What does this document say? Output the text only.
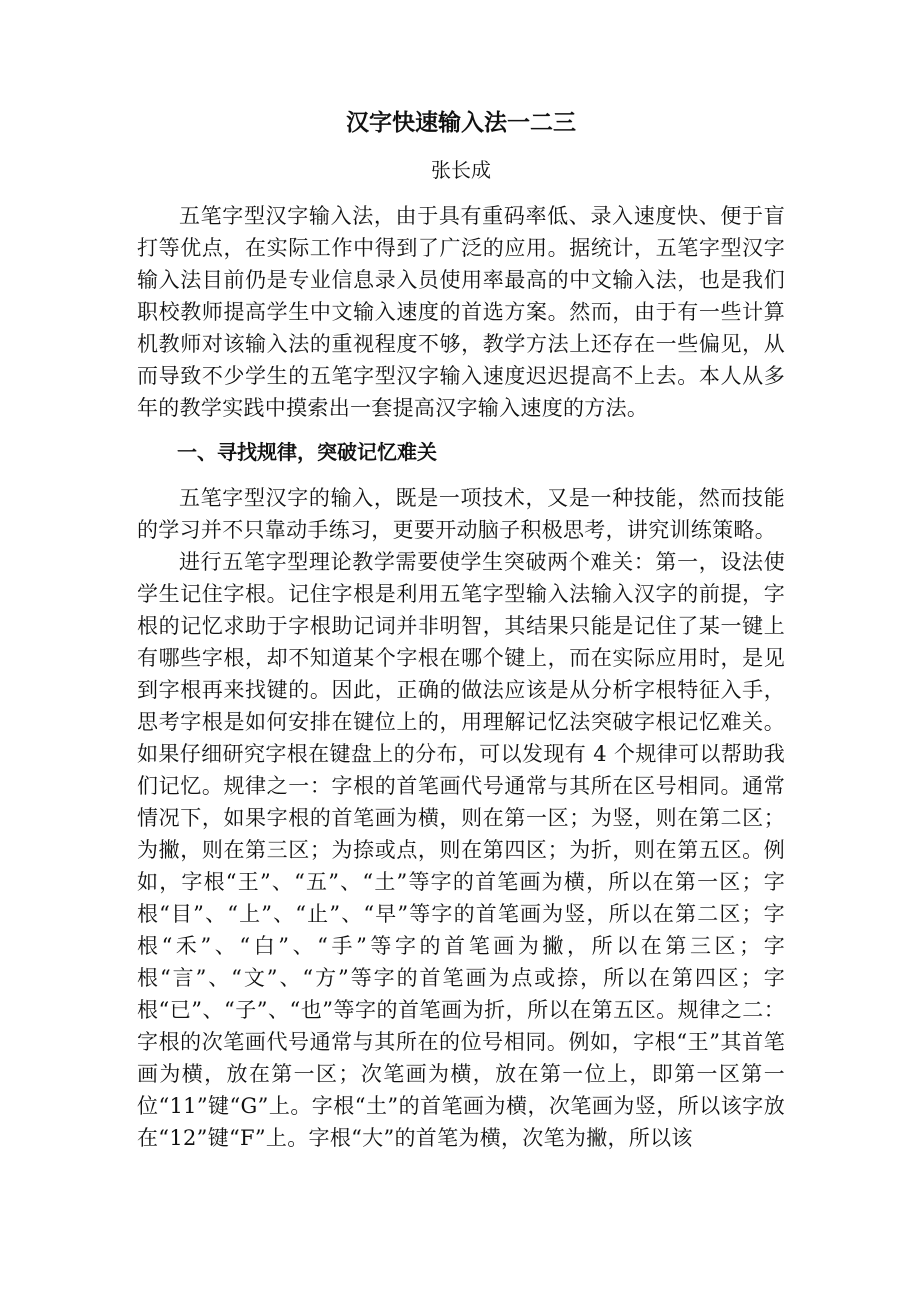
汉字快速输入法一二三

张长成

五笔字型汉字输入法，由于具有重码率低、录入速度快、便于盲打等优点，在实际工作中得到了广泛的应用。据统计，五笔字型汉字输入法目前仍是专业信息录入员使用率最高的中文输入法，也是我们职校教师提高学生中文输入速度的首选方案。然而，由于有一些计算机教师对该输入法的重视程度不够，教学方法上还存在一些偏见，从而导致不少学生的五笔字型汉字输入速度迟迟提高不上去。本人从多年的教学实践中摸索出一套提高汉字输入速度的方法。

一、寻找规律，突破记忆难关

五笔字型汉字的输入，既是一项技术，又是一种技能，然而技能的学习并不只靠动手练习，更要开动脑子积极思考，讲究训练策略。

进行五笔字型理论教学需要使学生突破两个难关：第一，设法使学生记住字根。记住字根是利用五笔字型输入法输入汉字的前提，字根的记忆求助于字根助记词并非明智，其结果只能是记住了某一键上有哪些字根，却不知道某个字根在哪个键上，而在实际应用时，是见到字根再来找键的。因此，正确的做法应该是从分析字根特征入手，思考字根是如何安排在键位上的，用理解记忆法突破字根记忆难关。如果仔细研究字根在键盘上的分布，可以发现有 4 个规律可以帮助我们记忆。规律之一：字根的首笔画代号通常与其所在区号相同。通常情况下，如果字根的首笔画为横，则在第一区；为竖，则在第二区；为撇，则在第三区；为捺或点，则在第四区；为折，则在第五区。例如，字根“王”、“五”、“土”等字的首笔画为横，所以在第一区；字根“目”、“上”、“止”、“早”等字的首笔画为竖，所以在第二区；字根“禾”、“白”、“手”等字的首笔画为撇，所以在第三区；字根“言”、“文”、“方”等字的首笔画为点或捺，所以在第四区；字根“已”、“子”、“也”等字的首笔画为折，所以在第五区。规律之二：字根的次笔画代号通常与其所在的位号相同。例如，字根“王”其首笔画为横，放在第一区；次笔画为横，放在第一位上，即第一区第一位“11”键“G”上。字根“土”的首笔画为横，次笔画为竖，所以该字放在“12”键“F”上。字根“大”的首笔为横，次笔为撇，所以该
